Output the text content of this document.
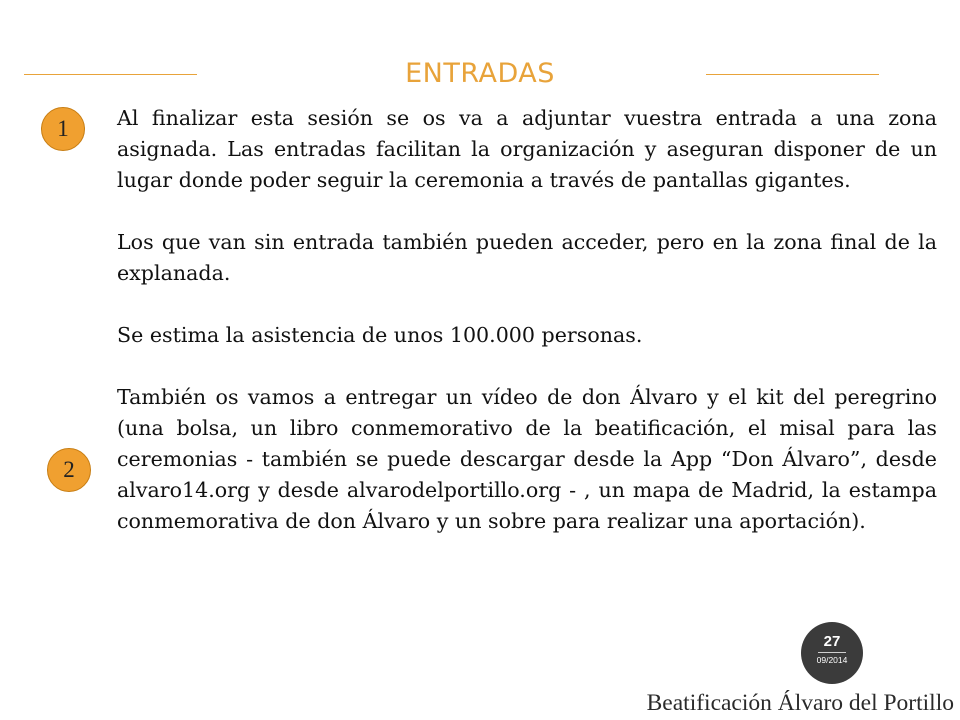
ENTRADAS
1
2

Al finalizar esta sesión se os va a adjuntar vuestra entrada a una zona asignada. Las entradas facilitan la organización y aseguran disponer de un lugar donde poder seguir la ceremonia a través de pantallas gigantes.

Los que van sin entrada también pueden acceder, pero en la zona final de la explanada.

Se estima la asistencia de unos 100.000 personas.

También os vamos a entregar un vídeo de don Álvaro y el kit del peregrino (una bolsa, un libro conmemorativo de la beatificación, el misal para las ceremonias - también se puede descargar desde la App “Don Álvaro”, desde alvaro14.org y desde alvarodelportillo.org - , un mapa de Madrid, la estampa conmemorativa de don Álvaro y un sobre para realizar una aportación).

27
09/2014
Beatificación Álvaro del Portillo
